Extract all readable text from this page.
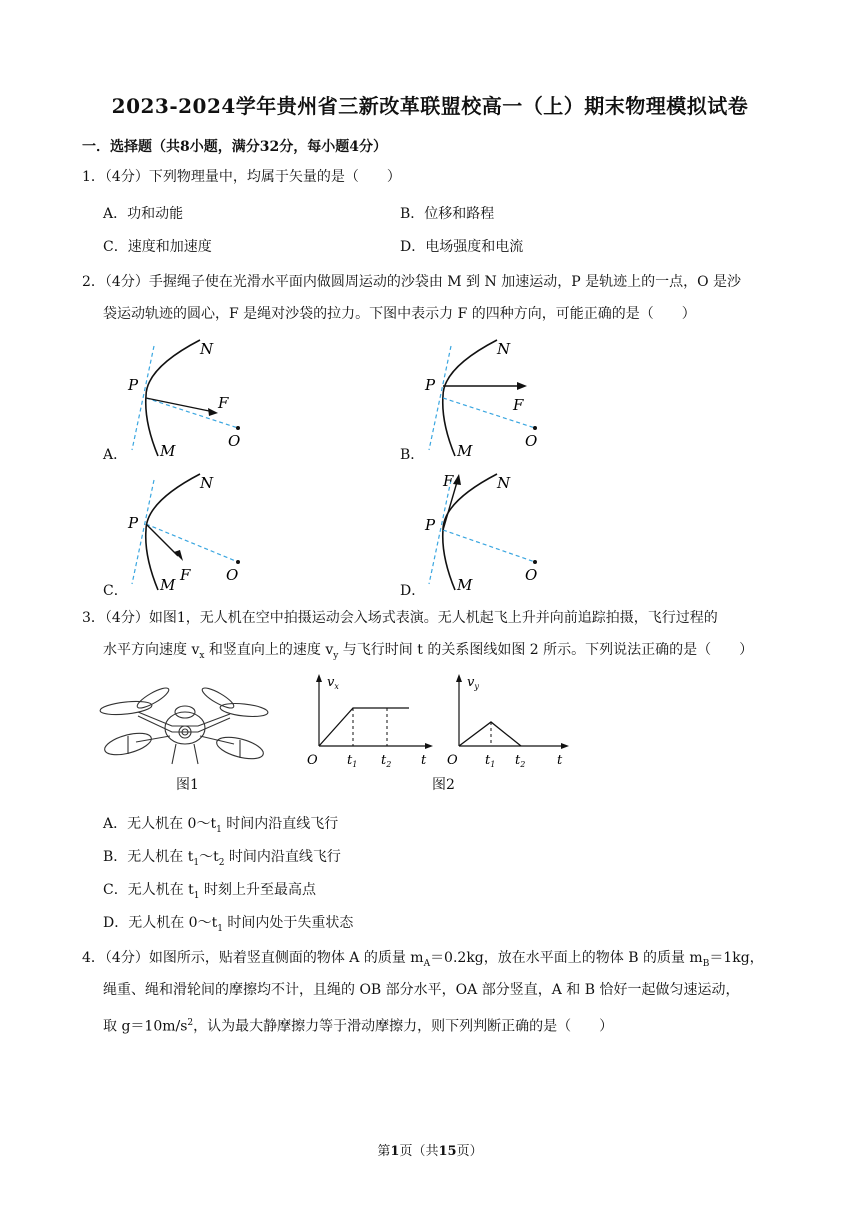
2023-2024学年贵州省三新改革联盟校高一（上）期末物理模拟试卷
一．选择题（共8小题，满分32分，每小题4分）
1．（4分）下列物理量中，均属于矢量的是（　　）
A．功和动能	B．位移和路程
C．速度和加速度	D．电场强度和电流
2．（4分）手握绳子使在光滑水平面内做圆周运动的沙袋由 M 到 N 加速运动，P 是轨迹上的一点，O 是沙
袋运动轨迹的圆心，F 是绳对沙袋的拉力。下图中表示力 F 的四种方向，可能正确的是（　　）
A．
N
P
F
O
M	B．
N
P
F
O
M
C．
N
P
F O
M	D．
N
P
F
O
M
3．（4分）如图1，无人机在空中拍摄运动会入场式表演。无人机起飞上升并向前追踪拍摄，飞行过程的
水平方向速度 $v_x$ 和竖直向上的速度 $v_y$ 与飞行时间 t 的关系图线如图 2 所示。下列说法正确的是（　　）
图1
$v_x$
O	t
$t_1$ $t_2$
$v_y$
O	t
$t_1$ $t_2$
图2
A．无人机在 $0\sim t_1$ 时间内沿直线飞行
B．无人机在 $t_1\sim t_2$ 时间内沿直线飞行
C．无人机在 $t_1$ 时刻上升至最高点
D．无人机在 $0\sim t_1$ 时间内处于失重状态
4．（4分）如图所示，贴着竖直侧面的物体 A 的质量 $m_A=0.2kg$，放在水平面上的物体 B 的质量 $m_B=1kg$，
绳重、绳和滑轮间的摩擦均不计，且绳的 OB 部分水平，OA 部分竖直，A 和 B 恰好一起做匀速运动，
取 $g=10m/s^2$，认为最大静摩擦力等于滑动摩擦力，则下列判断正确的是（　　）
第1页（共15页）
